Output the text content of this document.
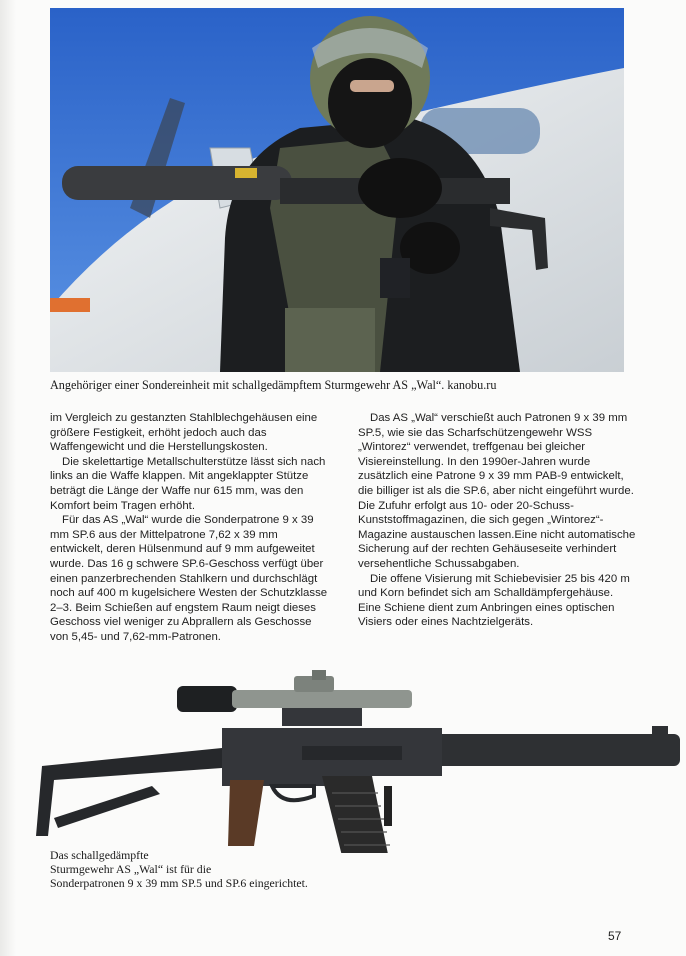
Angehöriger einer Sondereinheit mit schallgedämpftem Sturmgewehr AS „Wal“. kanobu.ru

im Vergleich zu gestanzten Stahlblechgehäusen eine größere Festigkeit, erhöht jedoch auch das Waffengewicht und die Herstellungskosten.

Die skelettartige Metallschulterstütze lässt sich nach links an die Waffe klappen. Mit angeklappter Stütze beträgt die Länge der Waffe nur 615 mm, was den Komfort beim Tragen erhöht.

Für das AS „Wal“ wurde die Sonderpatrone 9 x 39 mm SP.6 aus der Mittelpatrone 7,62 x 39 mm entwickelt, deren Hülsenmund auf 9 mm aufgeweitet wurde. Das 16 g schwere SP.6-Geschoss verfügt über einen panzerbrechenden Stahlkern und durchschlägt noch auf 400 m kugelsichere Westen der Schutzklasse 2–3. Beim Schießen auf engstem Raum neigt dieses Geschoss viel weniger zu Abprallern als Geschosse von 5,45- und 7,62-mm-Patronen.

Das AS „Wal“ verschießt auch Patronen 9 x 39 mm SP.5, wie sie das Scharfschützengewehr WSS „Wintorez“ verwendet, treffgenau bei gleicher Visiereinstellung. In den 1990er-Jahren wurde zusätzlich eine Patrone 9 x 39 mm PAB-9 entwickelt, die billiger ist als die SP.6, aber nicht eingeführt wurde. Die Zufuhr erfolgt aus 10- oder 20-Schuss-Kunststoffmagazinen, die sich gegen „Wintorez“-Magazine austauschen lassen.Eine nicht automatische Sicherung auf der rechten Gehäuseseite verhindert versehentliche Schussabgaben.

Die offene Visierung mit Schiebevisier 25 bis 420 m und Korn befindet sich am Schalldämpfergehäuse. Eine Schiene dient zum Anbringen eines optischen Visiers oder eines Nachtzielgeräts.

Das schallgedämpfte
Sturmgewehr AS „Wal“ ist für die
Sonderpatronen 9 x 39 mm SP.5 und SP.6 eingerichtet.
57
